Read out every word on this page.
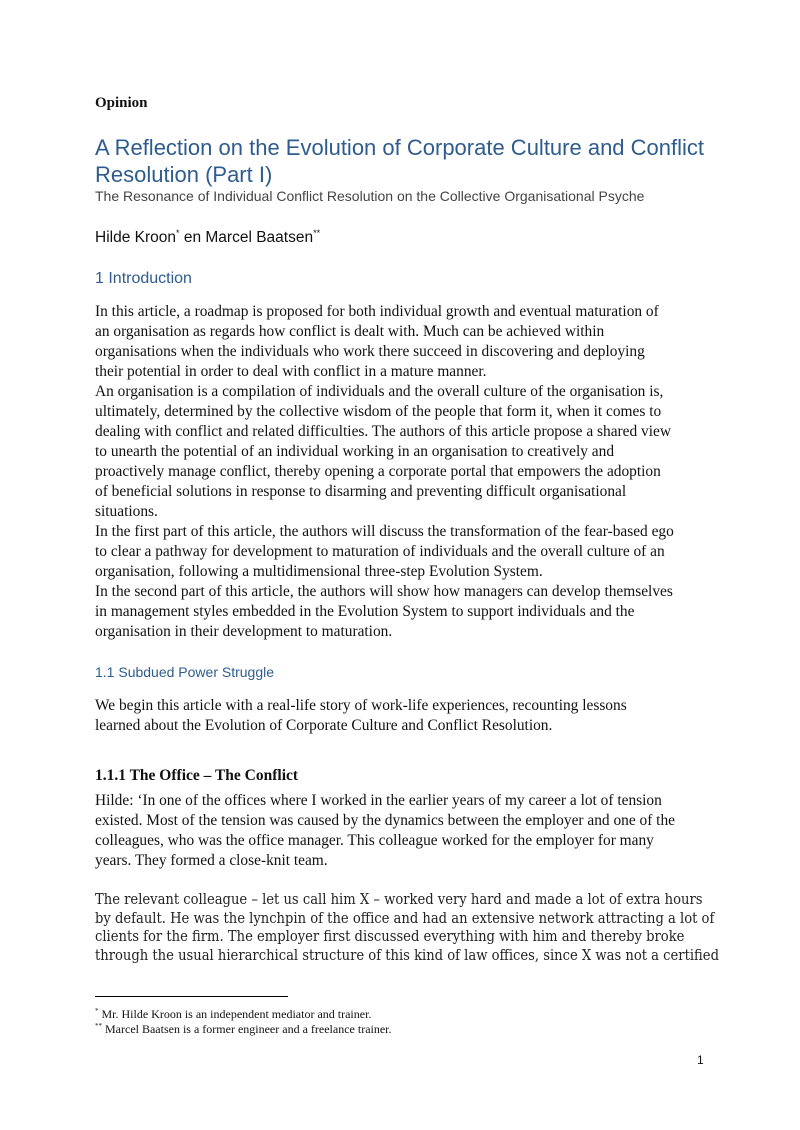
Opinion
A Reflection on the Evolution of Corporate Culture and Conflict
Resolution (Part I)
The Resonance of Individual Conflict Resolution on the Collective Organisational Psyche
Hilde Kroon* en Marcel Baatsen**
1 Introduction
In this article, a roadmap is proposed for both individual growth and eventual maturation of
an organisation as regards how conflict is dealt with. Much can be achieved within
organisations when the individuals who work there succeed in discovering and deploying
their potential in order to deal with conflict in a mature manner.
An organisation is a compilation of individuals and the overall culture of the organisation is,
ultimately, determined by the collective wisdom of the people that form it, when it comes to
dealing with conflict and related difficulties. The authors of this article propose a shared view
to unearth the potential of an individual working in an organisation to creatively and
proactively manage conflict, thereby opening a corporate portal that empowers the adoption
of beneficial solutions in response to disarming and preventing difficult organisational
situations.
In the first part of this article, the authors will discuss the transformation of the fear-based ego
to clear a pathway for development to maturation of individuals and the overall culture of an
organisation, following a multidimensional three-step Evolution System.
In the second part of this article, the authors will show how managers can develop themselves
in management styles embedded in the Evolution System to support individuals and the
organisation in their development to maturation.
1.1 Subdued Power Struggle
We begin this article with a real-life story of work-life experiences, recounting lessons
learned about the Evolution of Corporate Culture and Conflict Resolution.
1.1.1 The Office – The Conflict
Hilde: ‘In one of the offices where I worked in the earlier years of my career a lot of tension
existed. Most of the tension was caused by the dynamics between the employer and one of the
colleagues, who was the office manager. This colleague worked for the employer for many
years. They formed a close-knit team.
The relevant colleague – let us call him X – worked very hard and made a lot of extra hours
by default. He was the lynchpin of the office and had an extensive network attracting a lot of
clients for the firm. The employer first discussed everything with him and thereby broke
through the usual hierarchical structure of this kind of law offices, since X was not a certified
* Mr. Hilde Kroon is an independent mediator and trainer.
** Marcel Baatsen is a former engineer and a freelance trainer.
1
